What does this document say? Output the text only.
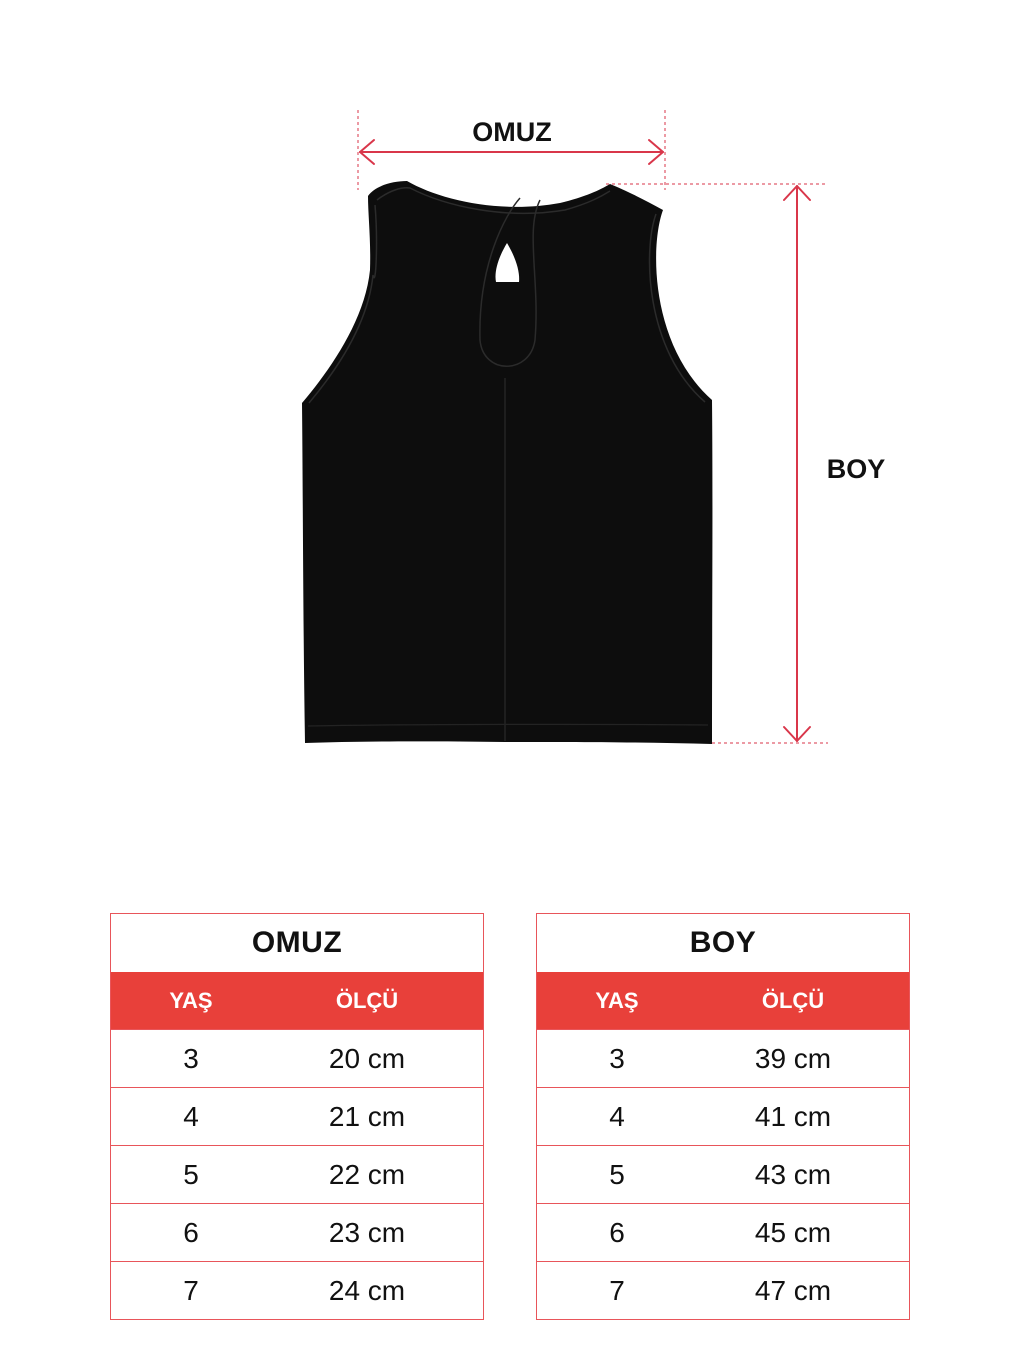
OMUZ
BOY
OMUZ
YAŞ	ÖLÇÜ
3	20 cm
4	21 cm
5	22 cm
6	23 cm
7	24 cm
BOY
YAŞ	ÖLÇÜ
3	39 cm
4	41 cm
5	43 cm
6	45 cm
7	47 cm
